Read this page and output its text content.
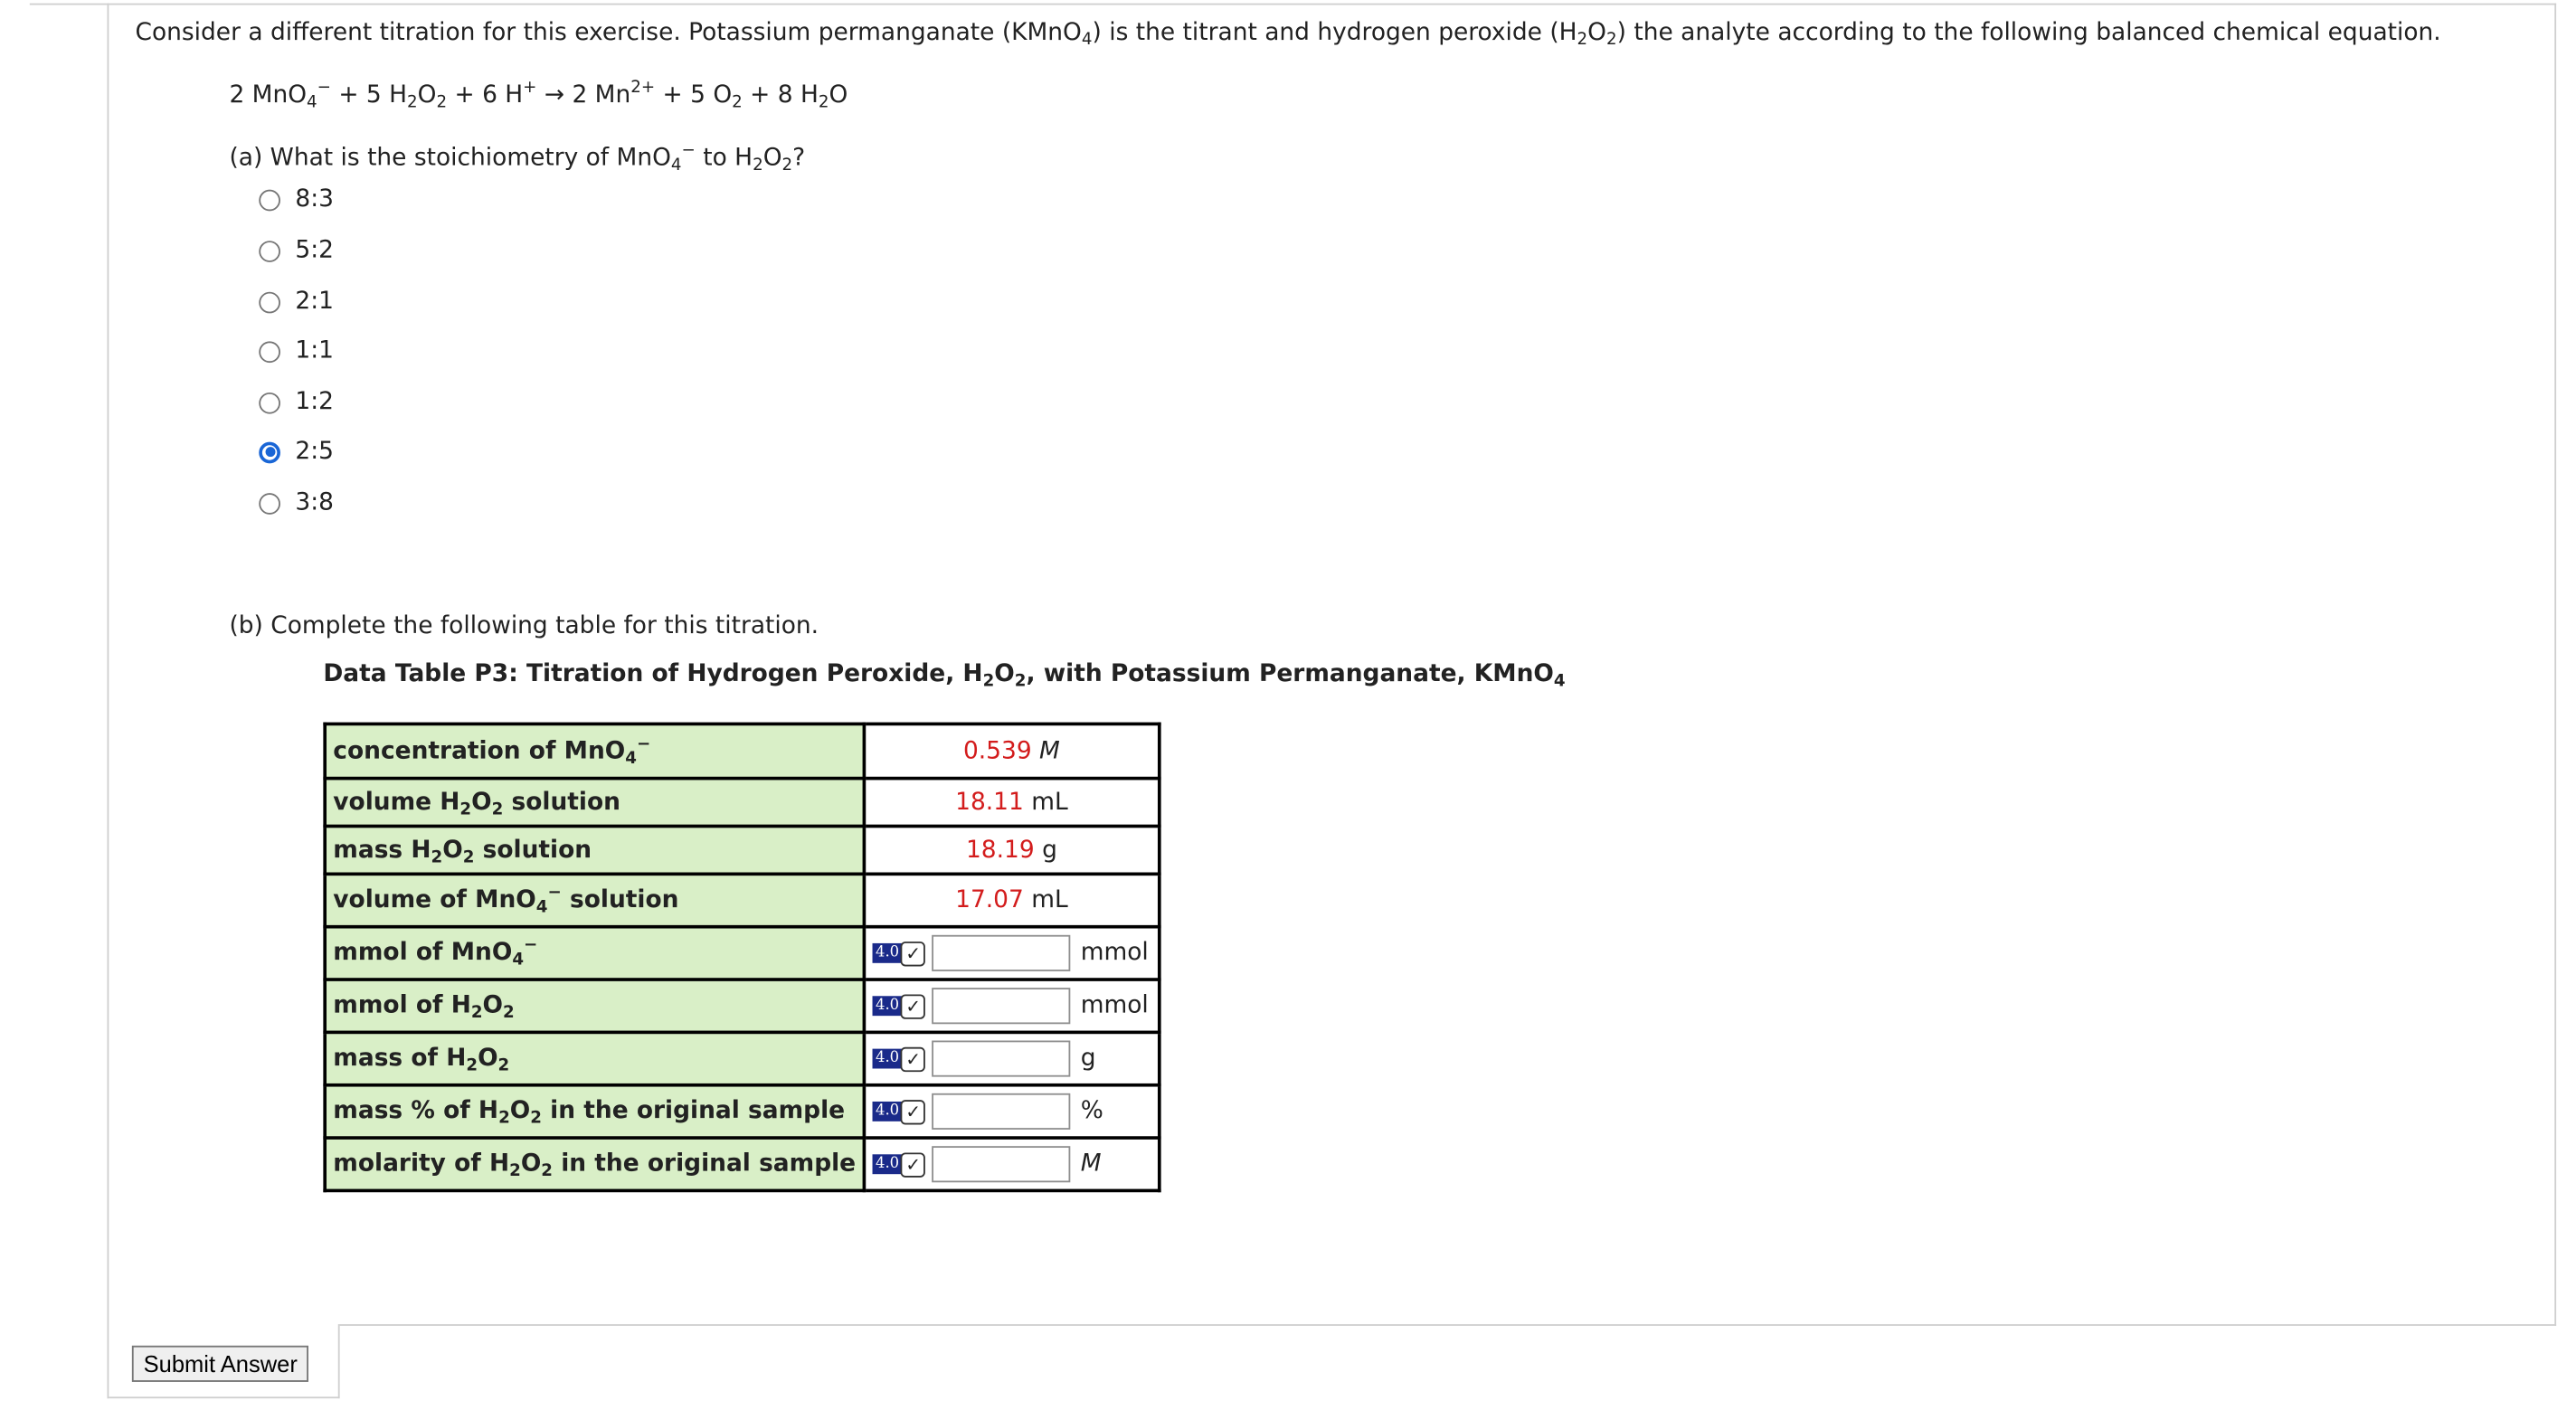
Consider a different titration for this exercise. Potassium permanganate (KMnO$_4$) is the titrant and hydrogen peroxide $(H_2O_2)$ the analyte according to the following balanced chemical equation.
2 MnO$_4$− + 5 $H_2O_2 + 6$ H+ → 2 $Mn^{2+} + 5$ $O_2 + 8$ $H_2O$
(a) What is the stoichiometry of MnO$_4$− to $H_2O_2$?
8:3
5:2
2:1
1:1
1:2
2:5
3:8
(b) Complete the following table for this titration.
Data Table P3: Titration of Hydrogen Peroxide, $H_2O_2$, with Potassium Permanganate, KMnO$_4$
concentration of MnO$_4$−	0.539 M
volume $H_2O_2$ solution	18.11 mL
mass $H_2O_2$ solution	18.19 g
volume of MnO$_4$− solution	17.07 mL
mmol of MnO$_4$−	4.0 ✓ mmol

mmol of $H_2O_2$	4.0 ✓ mmol

mass of $H_2O_2$	4.0 ✓ g

mass % of $H_2O_2$ in the original sample	4.0 ✓ %

molarity of $H_2O_2$ in the original sample	4.0 ✓ M
Submit Answer
